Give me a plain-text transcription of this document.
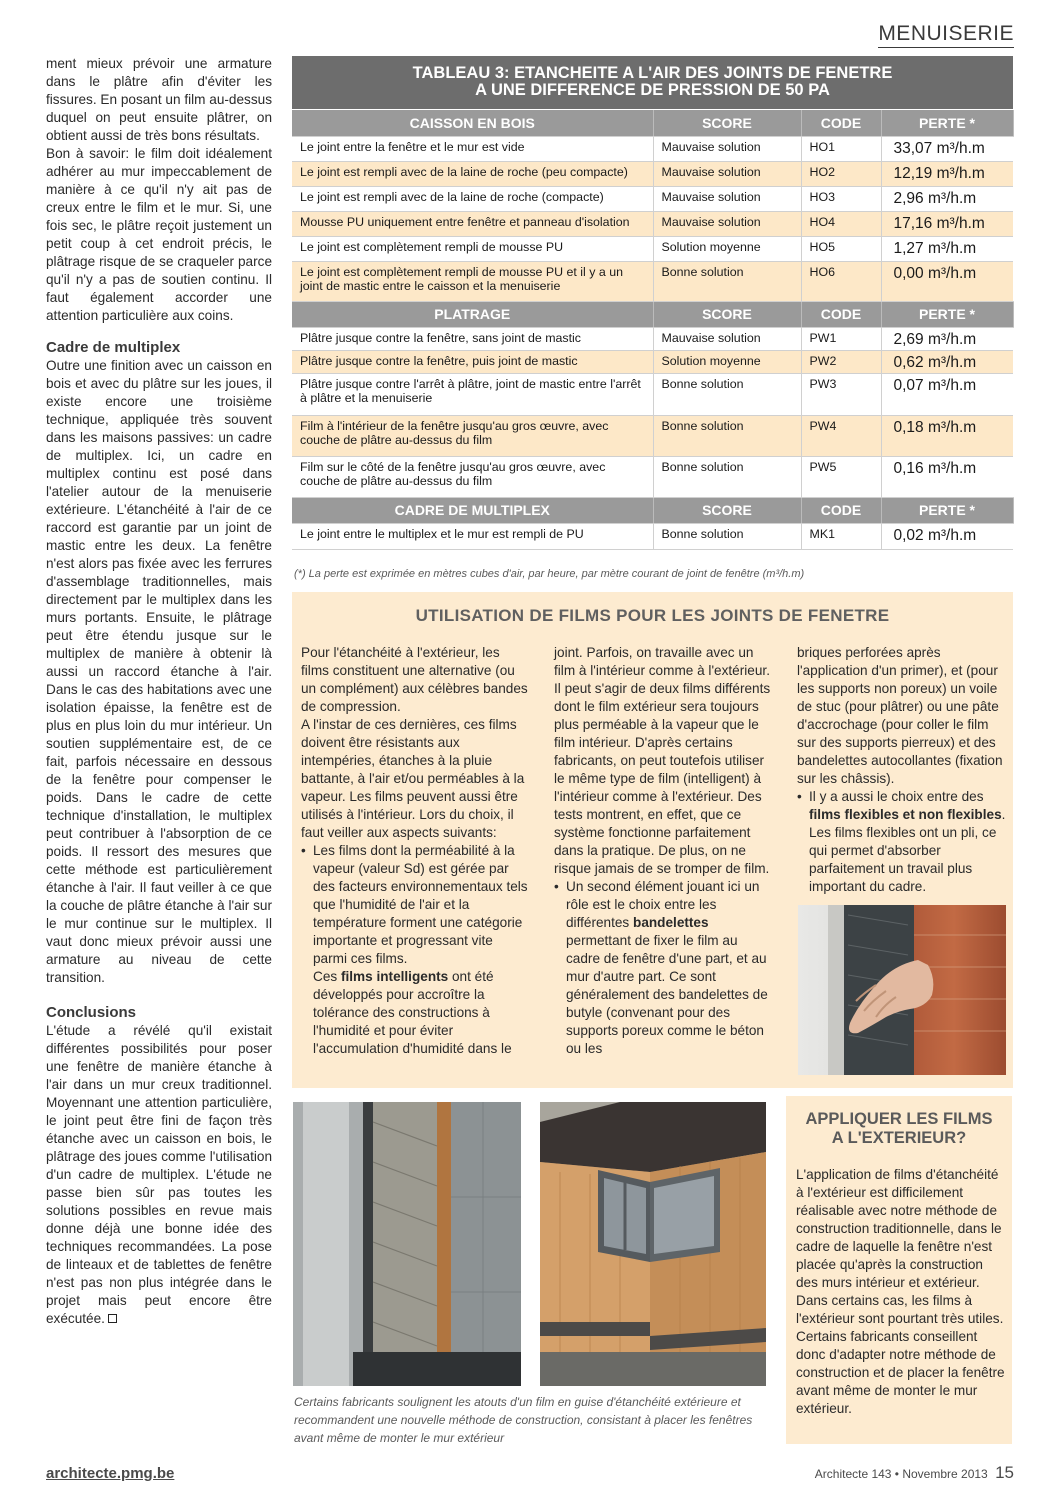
MENUISERIE

ment mieux prévoir une armature dans le plâtre afin d'éviter les fissures. En posant un film au-dessus duquel on peut ensuite plâtrer, on obtient aussi de très bons résultats.

Bon à savoir: le film doit idéalement adhérer au mur impeccablement de manière à ce qu'il n'y ait pas de creux entre le film et le mur. Si, une fois sec, le plâtre reçoit justement un petit coup à cet endroit précis, le plâtrage risque de se craqueler parce qu'il n'y a pas de soutien continu. Il faut également accorder une attention particulière aux coins.

Cadre de multiplex

Outre une finition avec un caisson en bois et avec du plâtre sur les joues, il existe encore une troisième technique, appliquée très souvent dans les maisons passives: un cadre de multiplex. Ici, un cadre en multiplex continu est posé dans l'atelier autour de la menuiserie extérieure. L'étanchéité à l'air de ce raccord est garantie par un joint de mastic entre les deux. La fenêtre n'est alors pas fixée avec les ferrures d'assemblage traditionnelles, mais directement par le multiplex dans les murs portants. Ensuite, le plâtrage peut être étendu jusque sur le multiplex de manière à obtenir là aussi un raccord étanche à l'air. Dans le cas des habitations avec une isolation épaisse, la fenêtre est de plus en plus loin du mur intérieur. Un soutien supplémentaire est, de ce fait, parfois nécessaire en dessous de la fenêtre pour compenser le poids. Dans le cadre de cette technique d'installation, le multiplex peut contribuer à l'absorption de ce poids. Il ressort des mesures que cette méthode est particulièrement étanche à l'air. Il faut veiller à ce que la couche de plâtre étanche à l'air sur le mur continue sur le multiplex. Il vaut donc mieux prévoir aussi une armature au niveau de cette transition.

Conclusions

L'étude a révélé qu'il existait différentes possibilités pour poser une fenêtre de manière étanche à l'air dans un mur creux traditionnel. Moyennant une attention particulière, le joint peut être fini de façon très étanche avec un caisson en bois, le plâtrage des joues comme l'utilisation d'un cadre de multiplex. L'étude ne passe bien sûr pas toutes les solutions possibles en revue mais donne déjà une bonne idée des techniques recommandées. La pose de linteaux et de tablettes de fenêtre n'est pas non plus intégrée dans le projet mais peut encore être exécutée.

TABLEAU 3: ETANCHEITE A L'AIR DES JOINTS DE FENETRE
A UNE DIFFERENCE DE PRESSION DE 50 PA
CAISSON EN BOIS	SCORE	CODE	PERTE *
Le joint entre la fenêtre et le mur est vide	Mauvaise solution	HO1	33,07 m³/h.m
Le joint est rempli avec de la laine de roche (peu compacte)	Mauvaise solution	HO2	12,19 m³/h.m
Le joint est rempli avec de la laine de roche (compacte)	Mauvaise solution	HO3	2,96 m³/h.m
Mousse PU uniquement entre fenêtre et panneau d'isolation	Mauvaise solution	HO4	17,16 m³/h.m
Le joint est complètement rempli de mousse PU	Solution moyenne	HO5	1,27 m³/h.m
Le joint est complètement rempli de mousse PU et il y a un joint de mastic entre le caisson et la menuiserie	Bonne solution	HO6	0,00 m³/h.m
PLATRAGE	SCORE	CODE	PERTE *
Plâtre jusque contre la fenêtre, sans joint de mastic	Mauvaise solution	PW1	2,69 m³/h.m
Plâtre jusque contre la fenêtre, puis joint de mastic	Solution moyenne	PW2	0,62 m³/h.m
Plâtre jusque contre l'arrêt à plâtre, joint de mastic entre l'arrêt à plâtre et la menuiserie	Bonne solution	PW3	0,07 m³/h.m
Film à l'intérieur de la fenêtre jusqu'au gros œuvre, avec couche de plâtre au-dessus du film	Bonne solution	PW4	0,18 m³/h.m
Film sur le côté de la fenêtre jusqu'au gros œuvre, avec couche de plâtre au-dessus du film	Bonne solution	PW5	0,16 m³/h.m
CADRE DE MULTIPLEX	SCORE	CODE	PERTE *
Le joint entre le multiplex et le mur est rempli de PU	Bonne solution	MK1	0,02 m³/h.m
(*) La perte est exprimée en mètres cubes d'air, par heure, par mètre courant de joint de fenêtre (m³/h.m)
UTILISATION DE FILMS POUR LES JOINTS DE FENETRE

Pour l'étanchéité à l'extérieur, les films constituent une alternative (ou un complément) aux célèbres bandes de compression.

A l'instar de ces dernières, ces films doivent être résistants aux intempéries, étanches à la pluie battante, à l'air et/ou perméables à la vapeur. Les films peuvent aussi être utilisés à l'intérieur. Lors du choix, il faut veiller aux aspects suivants:

• Les films dont la perméabilité à la vapeur (valeur Sd) est gérée par des facteurs environnementaux tels que l'humidité de l'air et la température forment une catégorie importante et progressant vite parmi ces films.

Ces films intelligents ont été développés pour accroître la tolérance des constructions à l'humidité et pour éviter l'accumulation d'humidité dans le

joint. Parfois, on travaille avec un film à l'intérieur comme à l'extérieur. Il peut s'agir de deux films différents dont le film extérieur sera toujours plus perméable à la vapeur que le film intérieur. D'après certains fabricants, on peut toutefois utiliser le même type de film (intelligent) à l'intérieur comme à l'extérieur. Des tests montrent, en effet, que ce système fonctionne parfaitement dans la pratique. De plus, on ne risque jamais de se tromper de film.

• Un second élément jouant ici un rôle est le choix entre les différentes bandelettes permettant de fixer le film au cadre de fenêtre d'une part, et au mur d'autre part. Ce sont généralement des bandelettes de butyle (convenant pour des supports poreux comme le béton ou les

briques perforées après l'application d'un primer), et (pour les supports non poreux) un voile de stuc (pour plâtrer) ou une pâte d'accrochage (pour coller le film sur des supports pierreux) et des bandelettes autocollantes (fixation sur les châssis).

• Il y a aussi le choix entre des films flexibles et non flexibles. Les films flexibles ont un pli, ce qui permet d'absorber parfaitement un travail plus important du cadre.

Certains fabricants soulignent les atouts d'un film en guise d'étanchéité extérieure et recommandent une nouvelle méthode de construction, consistant à placer les fenêtres avant même de monter le mur extérieur
APPLIQUER LES FILMS
A L'EXTERIEUR?
L'application de films d'étanchéité à l'extérieur est difficilement réalisable avec notre méthode de construction traditionnelle, dans le cadre de laquelle la fenêtre n'est placée qu'après la construction des murs intérieur et extérieur. Dans certains cas, les films à l'extérieur sont pourtant très utiles. Certains fabricants conseillent donc d'adapter notre méthode de construction et de placer la fenêtre avant même de monter le mur extérieur.
architecte.pmg.be	Architecte 143 • Novembre 2013 15
